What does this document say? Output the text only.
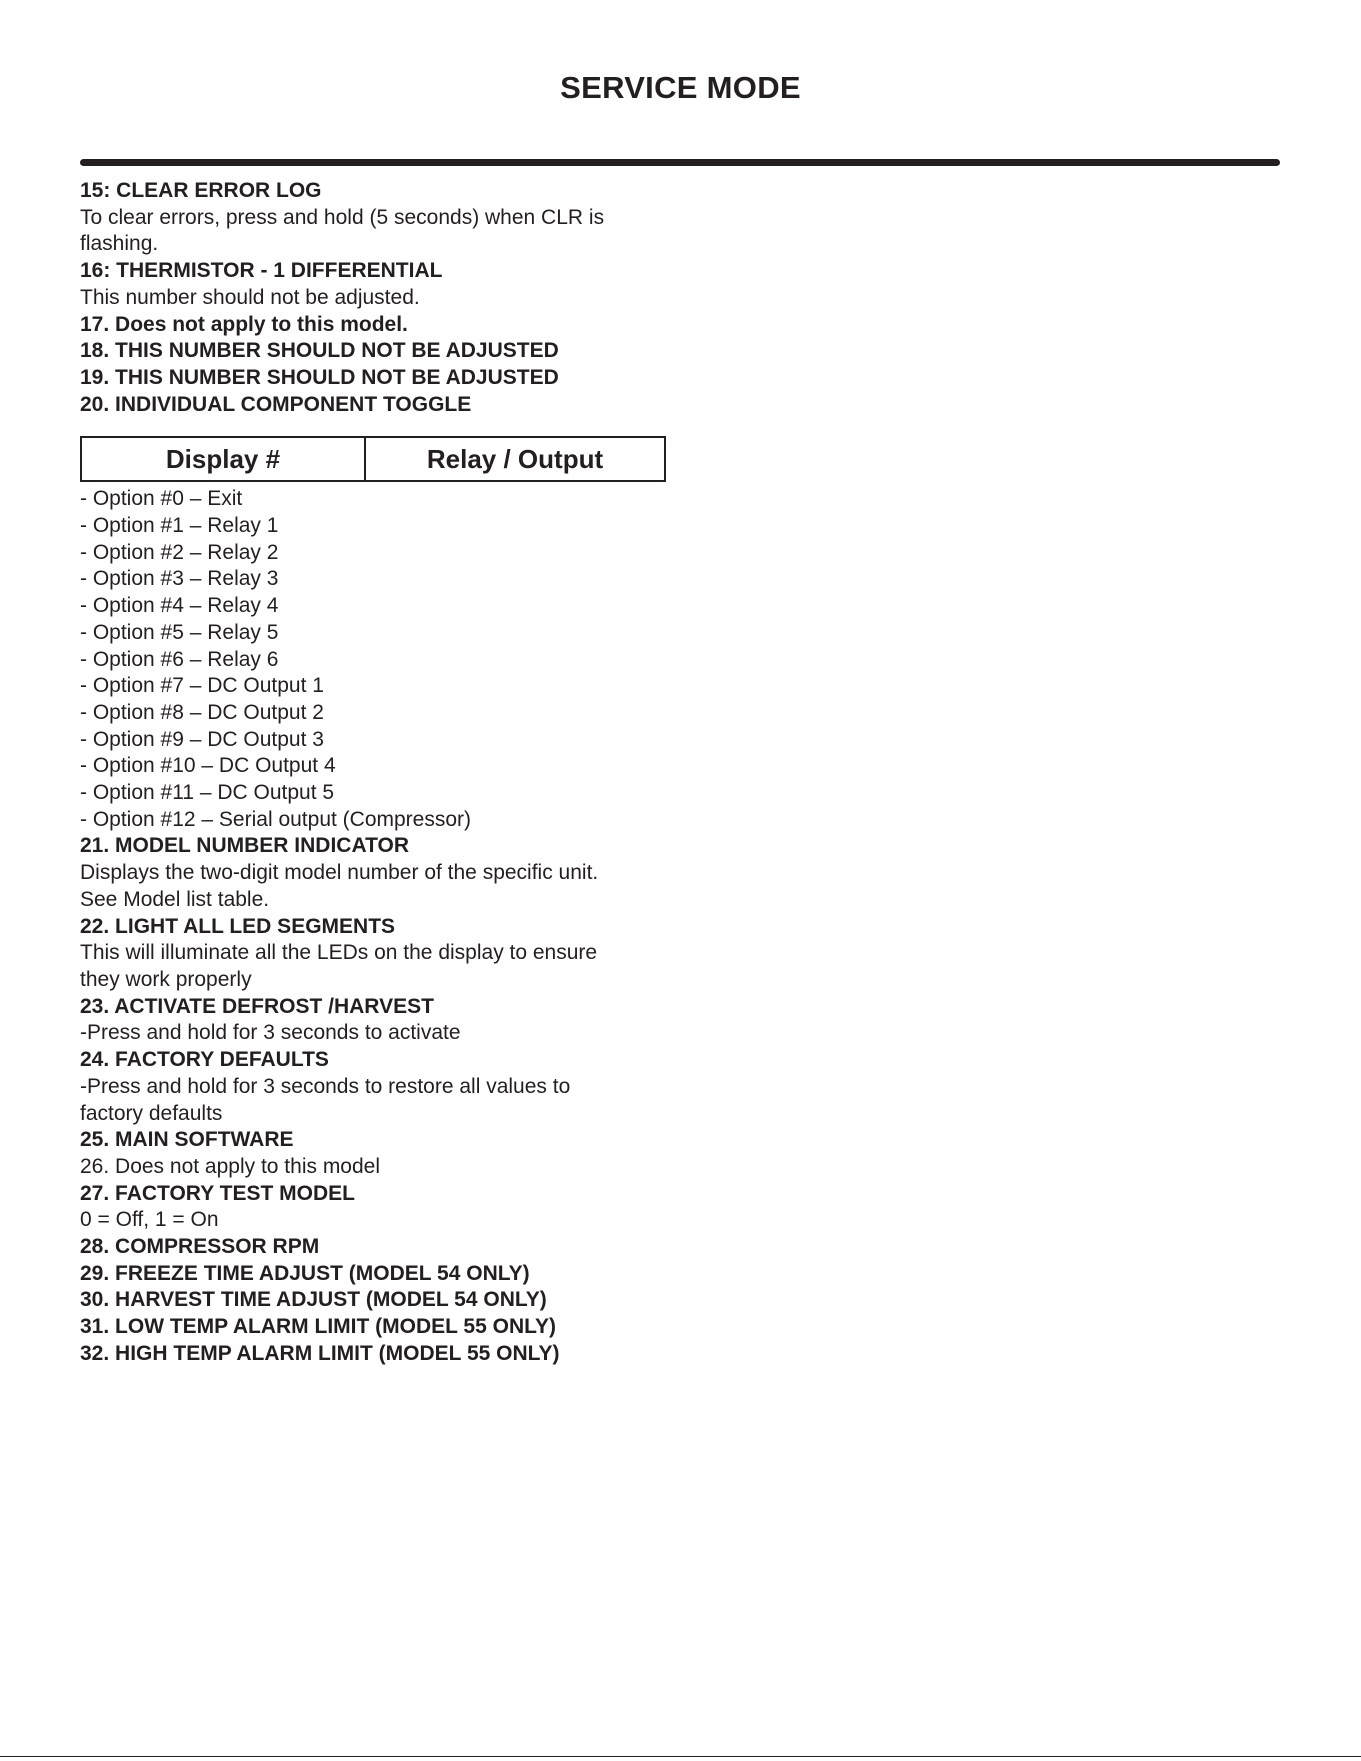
SERVICE MODE
15: CLEAR ERROR LOG
To clear errors, press and hold (5 seconds) when CLR is
flashing.
16: THERMISTOR - 1 DIFFERENTIAL
This number should not be adjusted.
17. Does not apply to this model.
18. THIS NUMBER SHOULD NOT BE ADJUSTED
19. THIS NUMBER SHOULD NOT BE ADJUSTED
20. INDIVIDUAL COMPONENT TOGGLE
Display #	Relay / Output
- Option #0 – Exit
- Option #1 – Relay 1
- Option #2 – Relay 2
- Option #3 – Relay 3
- Option #4 – Relay 4
- Option #5 – Relay 5
- Option #6 – Relay 6
- Option #7 – DC Output 1
- Option #8 – DC Output 2
- Option #9 – DC Output 3
- Option #10 – DC Output 4
- Option #11 – DC Output 5
- Option #12 – Serial output (Compressor)
21. MODEL NUMBER INDICATOR
Displays the two-digit model number of the specific unit.
See Model list table.
22. LIGHT ALL LED SEGMENTS
This will illuminate all the LEDs on the display to ensure
they work properly
23. ACTIVATE DEFROST /HARVEST
-Press and hold for 3 seconds to activate
24. FACTORY DEFAULTS
-Press and hold for 3 seconds to restore all values to
factory defaults
25. MAIN SOFTWARE
26. Does not apply to this model
27. FACTORY TEST MODEL
0 = Off, 1 = On
28. COMPRESSOR RPM
29. FREEZE TIME ADJUST (MODEL 54 ONLY)
30. HARVEST TIME ADJUST (MODEL 54 ONLY)
31. LOW TEMP ALARM LIMIT (MODEL 55 ONLY)
32. HIGH TEMP ALARM LIMIT (MODEL 55 ONLY)
